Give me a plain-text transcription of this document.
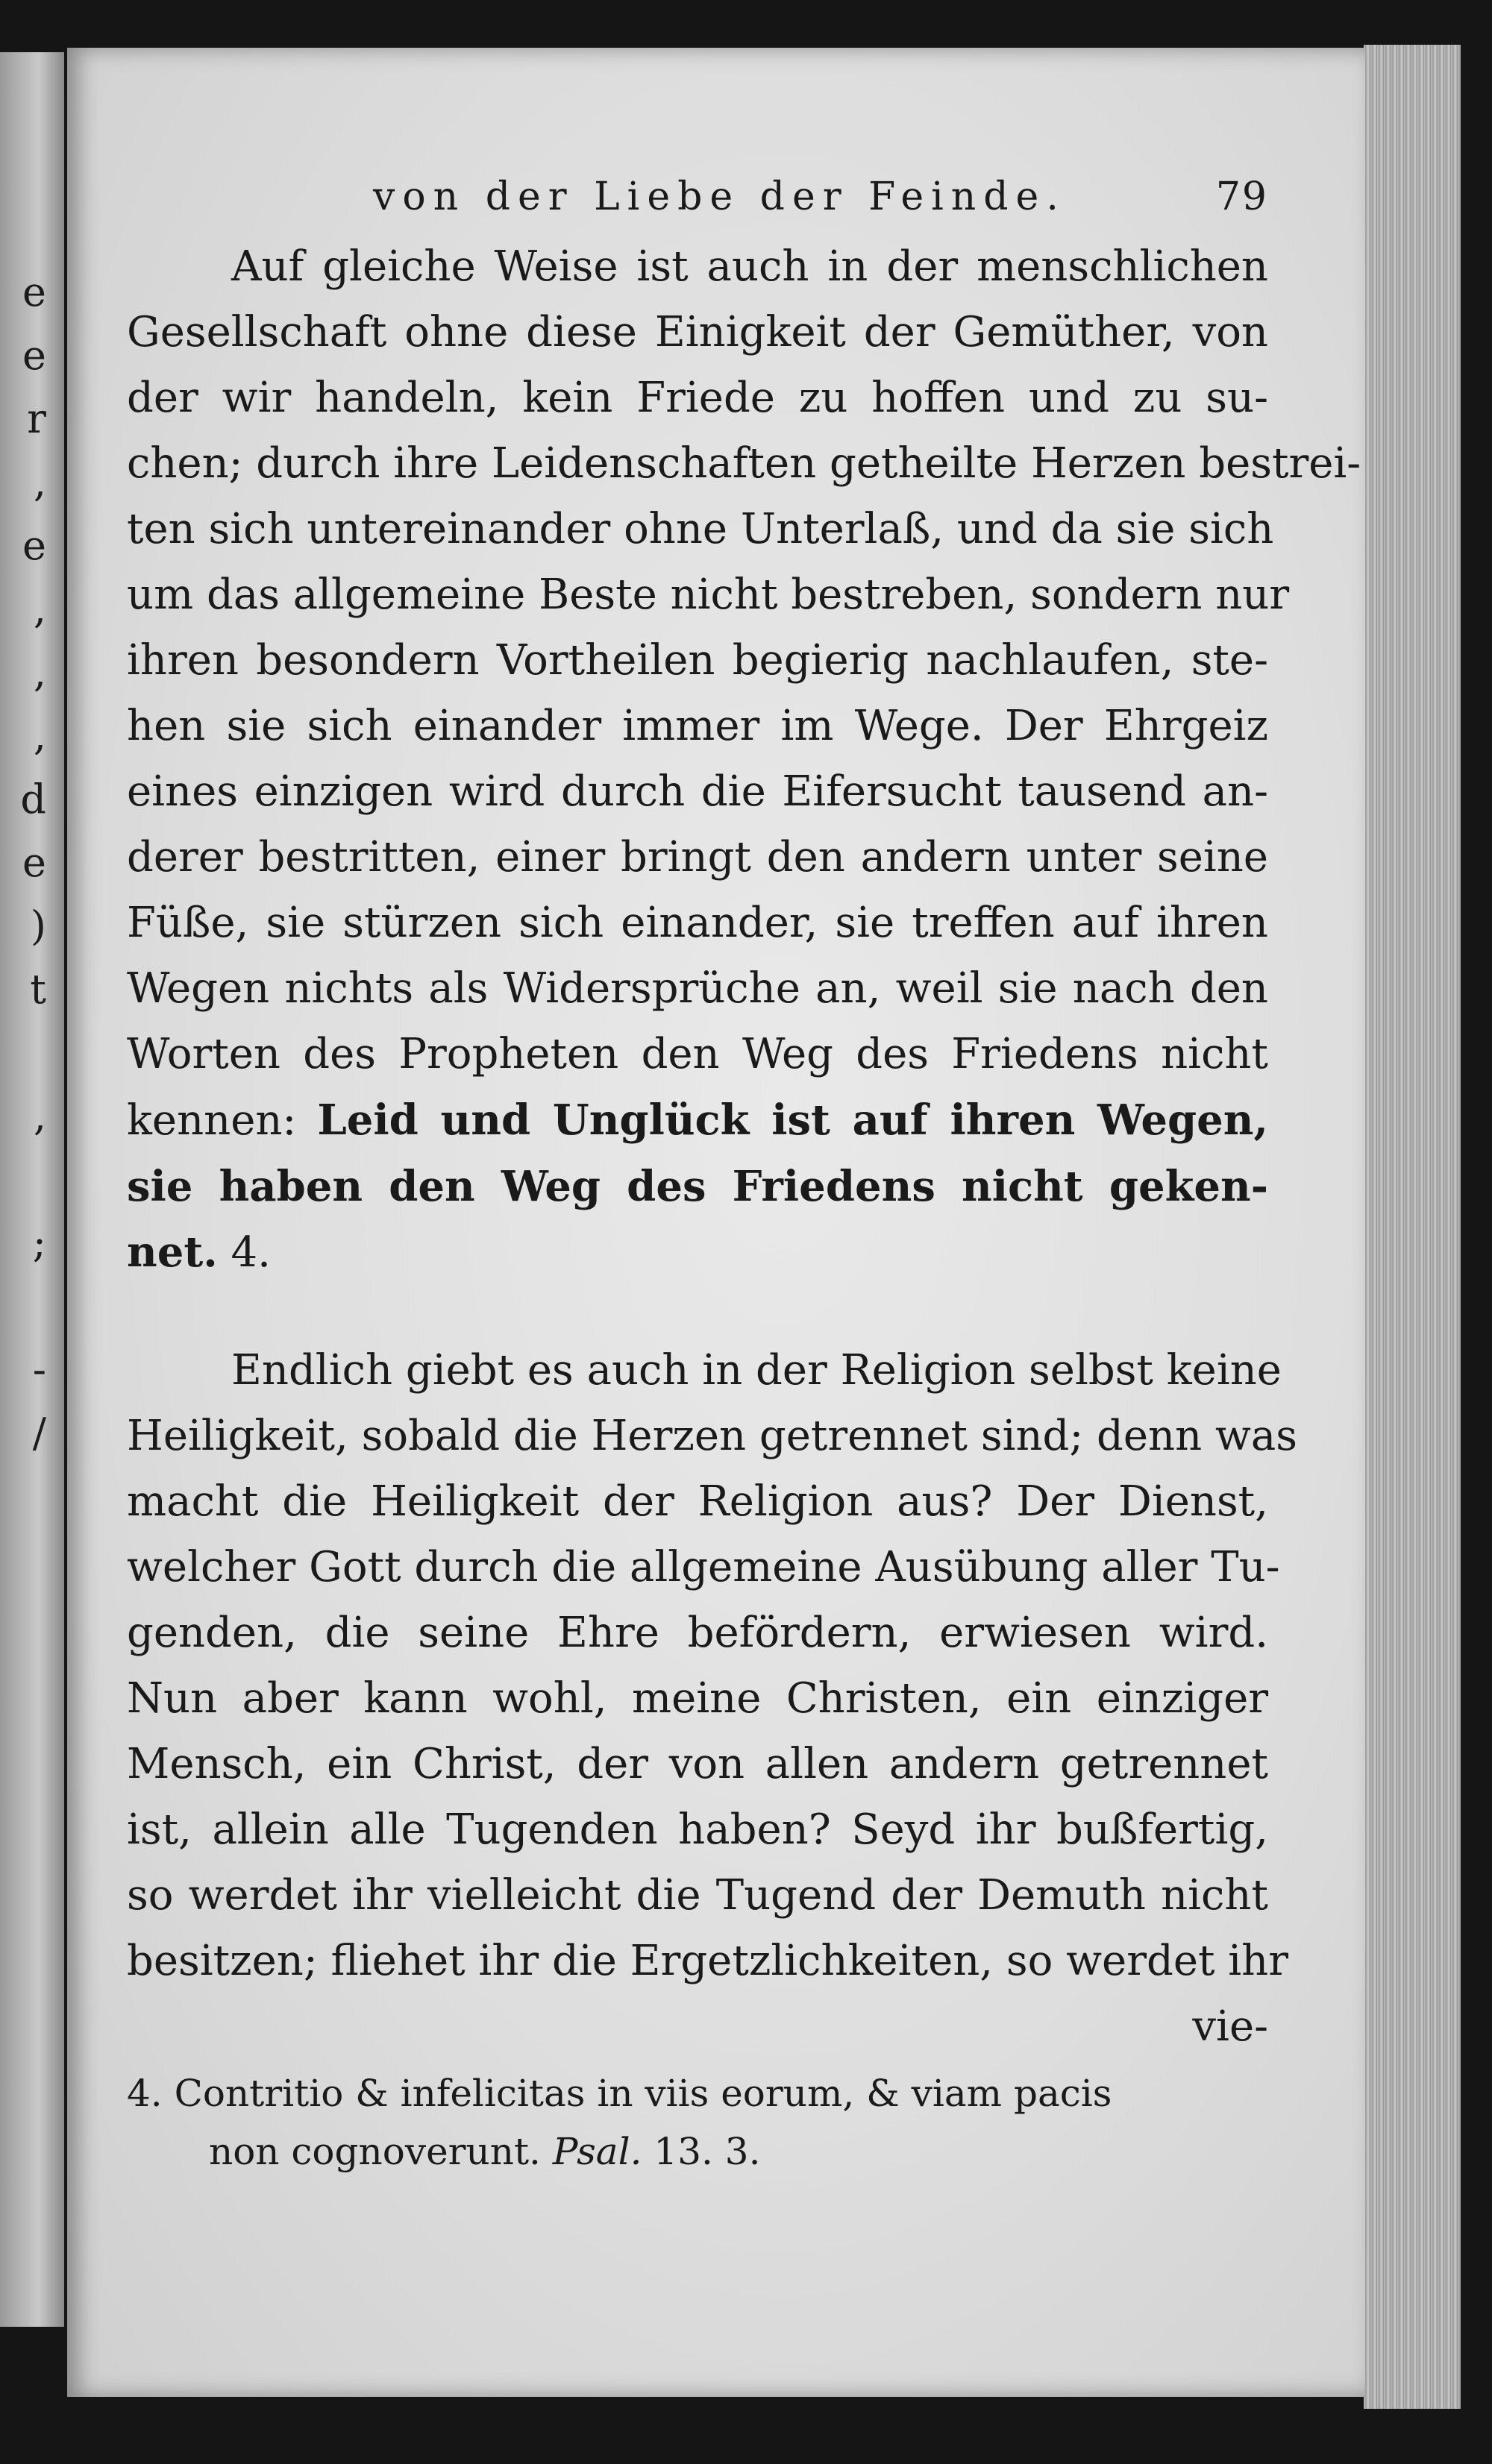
e
e
r
,
e
,
,
,
d
e
)
t
,
;
-
/
von der Liebe der Feinde.	79
Auf gleiche Weise ist auch in der menschlichen
Gesellschaft ohne diese Einigkeit der Gemüther, von
der wir handeln, kein Friede zu hoffen und zu su-
chen; durch ihre Leidenschaften getheilte Herzen bestrei-
ten sich untereinander ohne Unterlaß, und da sie sich
um das allgemeine Beste nicht bestreben, sondern nur
ihren besondern Vortheilen begierig nachlaufen, ste-
hen sie sich einander immer im Wege. Der Ehrgeiz
eines einzigen wird durch die Eifersucht tausend an-
derer bestritten, einer bringt den andern unter seine
Füße, sie stürzen sich einander, sie treffen auf ihren
Wegen nichts als Widersprüche an, weil sie nach den
Worten des Propheten den Weg des Friedens nicht
kennen: Leid und Unglück ist auf ihren Wegen,
sie haben den Weg des Friedens nicht geken-
net. 4.
Endlich giebt es auch in der Religion selbst keine
Heiligkeit, sobald die Herzen getrennet sind; denn was
macht die Heiligkeit der Religion aus? Der Dienst,
welcher Gott durch die allgemeine Ausübung aller Tu-
genden, die seine Ehre befördern, erwiesen wird.
Nun aber kann wohl, meine Christen, ein einziger
Mensch, ein Christ, der von allen andern getrennet
ist, allein alle Tugenden haben? Seyd ihr bußfertig,
so werdet ihr vielleicht die Tugend der Demuth nicht
besitzen; fliehet ihr die Ergetzlichkeiten, so werdet ihr
vie-
4. Contritio & infelicitas in viis eorum, & viam pacis
non cognoverunt. Psal. 13. 3.
